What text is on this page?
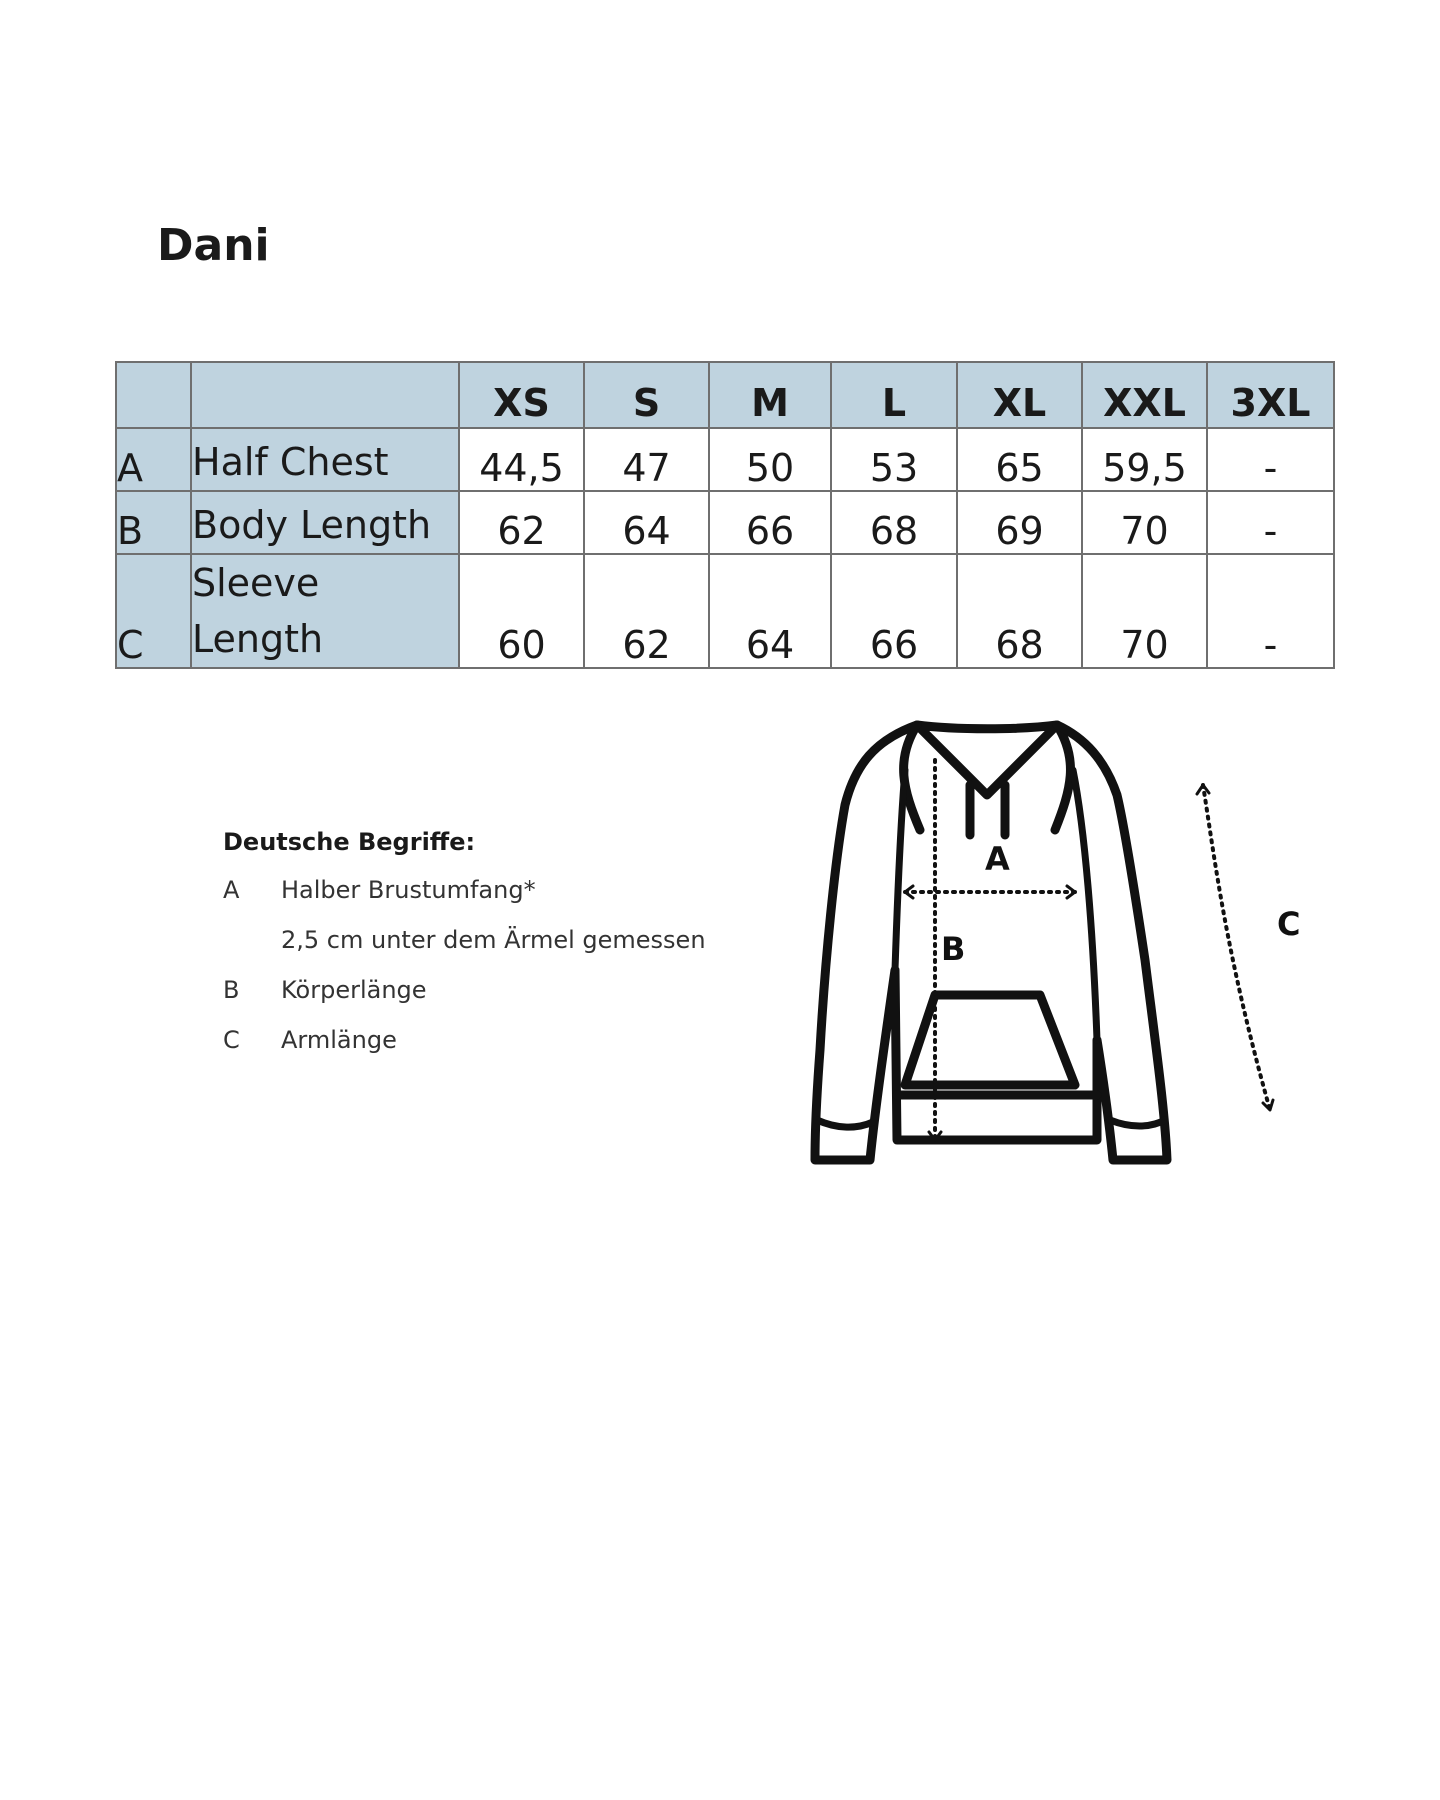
Dani
		XS	S	M	L	XL	XXL	3XL
A	Half Chest	44,5	47	50	53	65	59,5	-
B	Body Length	62	64	66	68	69	70	-
C	Sleeve
Length	60	62	64	66	68	70	-
Deutsche Begriffe:
A	Halber Brustumfang*
2,5 cm unter dem Ärmel gemessen
B	Körperlänge
C	Armlänge
A
B
C
